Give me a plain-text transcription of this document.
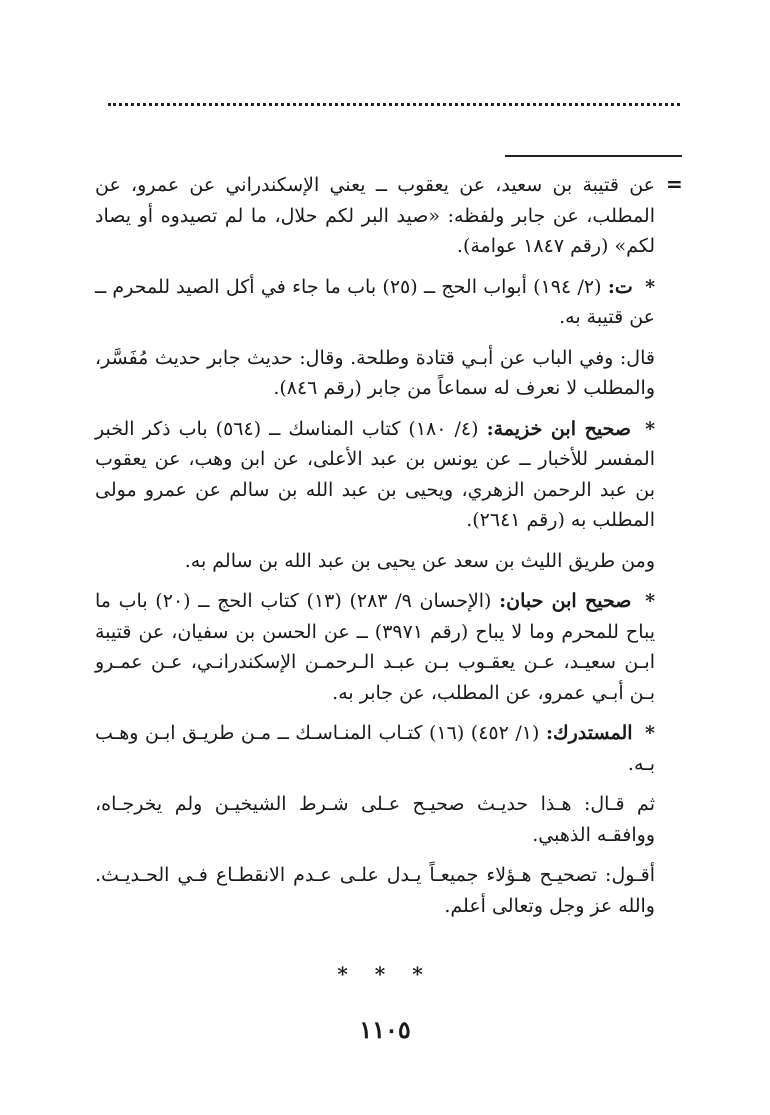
=

عن قتيبة بن سعيد، عن يعقوب ــ يعني الإسكندراني عن عمرو، عن المطلب، عن جابر ولفظه: «صيد البر لكم حلال، ما لم تصيدوه أو يصاد لكم» (رقم ١٨٤٧ عوامة).

* ت: (٢/ ١٩٤) أبواب الحج ــ (٢٥) باب ما جاء في أكل الصيد للمحرم ــ عن قتيبة به.

قال: وفي الباب عن أبـي قتادة وطلحة. وقال: حديث جابر حديث مُفَسَّر، والمطلب لا نعرف له سماعاً من جابر (رقم ٨٤٦).

* صحيح ابن خزيمة: (٤/ ١٨٠) كتاب المناسك ــ (٥٦٤) باب ذكر الخبر المفسر للأخبار ــ عن يونس بن عبد الأعلى، عن ابن وهب، عن يعقوب بن عبد الرحمن الزهري، ويحيى بن عبد الله بن سالم عن عمرو مولى المطلب به (رقم ٢٦٤١).

ومن طريق الليث بن سعد عن يحيى بن عبد الله بن سالم به.

* صحيح ابن حبان: (الإحسان ٩/ ٢٨٣) (١٣) كتاب الحج ــ (٢٠) باب ما يباح للمحرم وما لا يباح (رقم ٣٩٧١) ــ عن الحسن بن سفيان، عن قتيبة ابـن سعيـد، عـن يعقـوب بـن عبـد الـرحمـن الإسكندرانـي، عـن عمـرو بـن أبـي عمرو، عن المطلب، عن جابر به.

* المستدرك: (١/ ٤٥٢) (١٦) كتـاب المنـاسـك ــ مـن طريـق ابـن وهـب بـه.

ثم قـال: هـذا حديـث صحيـح عـلى شـرط الشيخيـن ولم يخرجـاه، ووافقـه الذهبي.

أقـول: تصحيـح هـؤلاء جميعـاً يـدل علـى عـدم الانقطـاع فـي الحـديـث. والله عز وجل وتعالى أعلم.

* * *
١١٠٥
